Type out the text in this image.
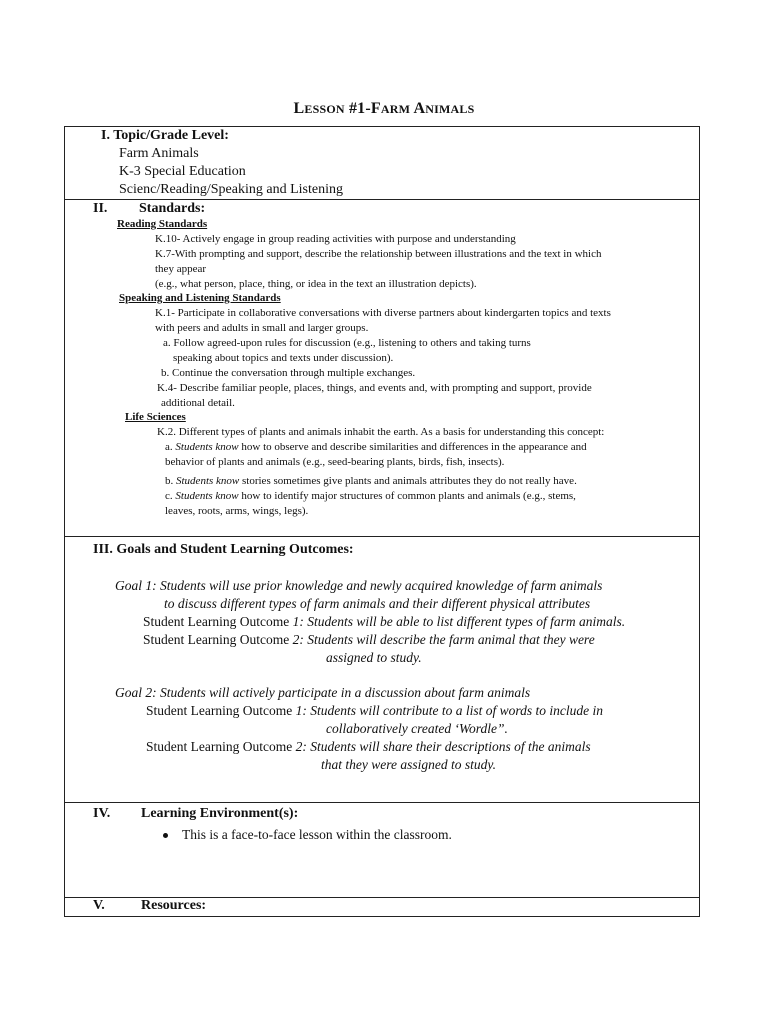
LESSON #1-FARM ANIMALS
I. Topic/Grade Level:
Farm Animals
K-3 Special Education
Scienc/Reading/Speaking and Listening

II. Standards:
Reading Standards
K.10- Actively engage in group reading activities with purpose and understanding
K.7-With prompting and support, describe the relationship between illustrations and the text in which
they appear
(e.g., what person, place, thing, or idea in the text an illustration depicts).
Speaking and Listening Standards
K.1- Participate in collaborative conversations with diverse partners about kindergarten topics and texts
with peers and adults in small and larger groups.
a. Follow agreed-upon rules for discussion (e.g., listening to others and taking turns
speaking about topics and texts under discussion).
b. Continue the conversation through multiple exchanges.
K.4- Describe familiar people, places, things, and events and, with prompting and support, provide
additional detail.
Life Sciences
K.2. Different types of plants and animals inhabit the earth. As a basis for understanding this concept:
a. Students know how to observe and describe similarities and differences in the appearance and
behavior of plants and animals (e.g., seed-bearing plants, birds, fish, insects).
b. Students know stories sometimes give plants and animals attributes they do not really have.
c. Students know how to identify major structures of common plants and animals (e.g., stems,
leaves, roots, arms, wings, legs).

III. Goals and Student Learning Outcomes:
Goal 1: Students will use prior knowledge and newly acquired knowledge of farm animals
to discuss different types of farm animals and their different physical attributes
Student Learning Outcome 1: Students will be able to list different types of farm animals.
Student Learning Outcome 2: Students will describe the farm animal that they were
assigned to study.
Goal 2: Students will actively participate in a discussion about farm animals
Student Learning Outcome 1: Students will contribute to a list of words to include in
collaboratively created ‘Wordle”.
Student Learning Outcome 2: Students will share their descriptions of the animals
that they were assigned to study.

IV. Learning Environment(s):
This is a face-to-face lesson within the classroom.

V.	Resources:
